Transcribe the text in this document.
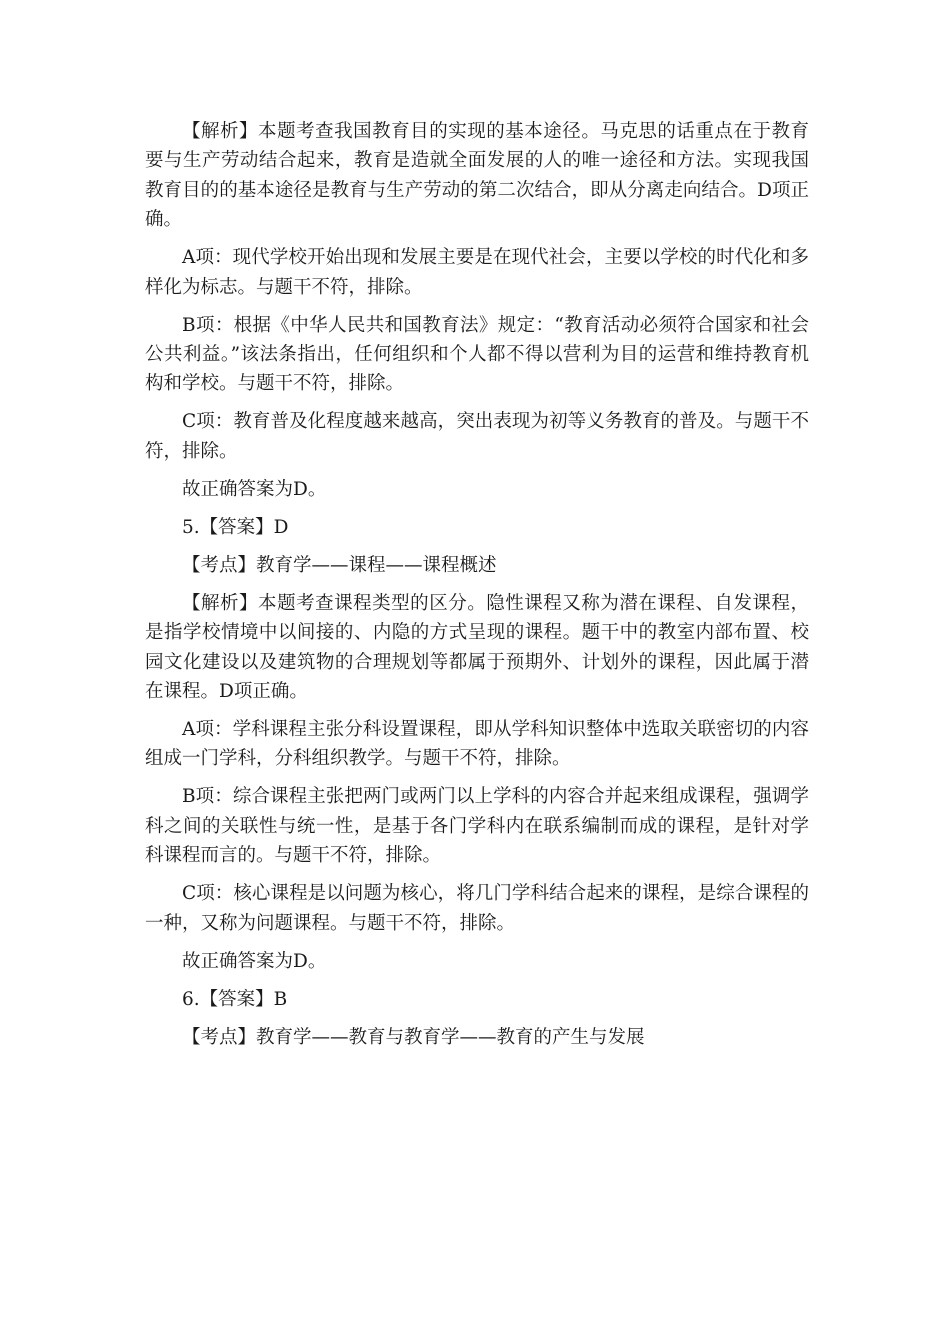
【解析】本题考查我国教育目的实现的基本途径。马克思的话重点在于教育要与生产劳动结合起来，教育是造就全面发展的人的唯一途径和方法。实现我国教育目的的基本途径是教育与生产劳动的第二次结合，即从分离走向结合。D项正确。

A项：现代学校开始出现和发展主要是在现代社会，主要以学校的时代化和多样化为标志。与题干不符，排除。

B项：根据《中华人民共和国教育法》规定：“教育活动必须符合国家和社会公共利益。”该法条指出，任何组织和个人都不得以营利为目的运营和维持教育机构和学校。与题干不符，排除。

C项：教育普及化程度越来越高，突出表现为初等义务教育的普及。与题干不符，排除。

故正确答案为D。

5.【答案】D

【考点】教育学——课程——课程概述

【解析】本题考查课程类型的区分。隐性课程又称为潜在课程、自发课程，是指学校情境中以间接的、内隐的方式呈现的课程。题干中的教室内部布置、校园文化建设以及建筑物的合理规划等都属于预期外、计划外的课程，因此属于潜在课程。D项正确。

A项：学科课程主张分科设置课程，即从学科知识整体中选取关联密切的内容组成一门学科，分科组织教学。与题干不符，排除。

B项：综合课程主张把两门或两门以上学科的内容合并起来组成课程，强调学科之间的关联性与统一性，是基于各门学科内在联系编制而成的课程，是针对学科课程而言的。与题干不符，排除。

C项：核心课程是以问题为核心，将几门学科结合起来的课程，是综合课程的一种，又称为问题课程。与题干不符，排除。

故正确答案为D。

6.【答案】B

【考点】教育学——教育与教育学——教育的产生与发展
